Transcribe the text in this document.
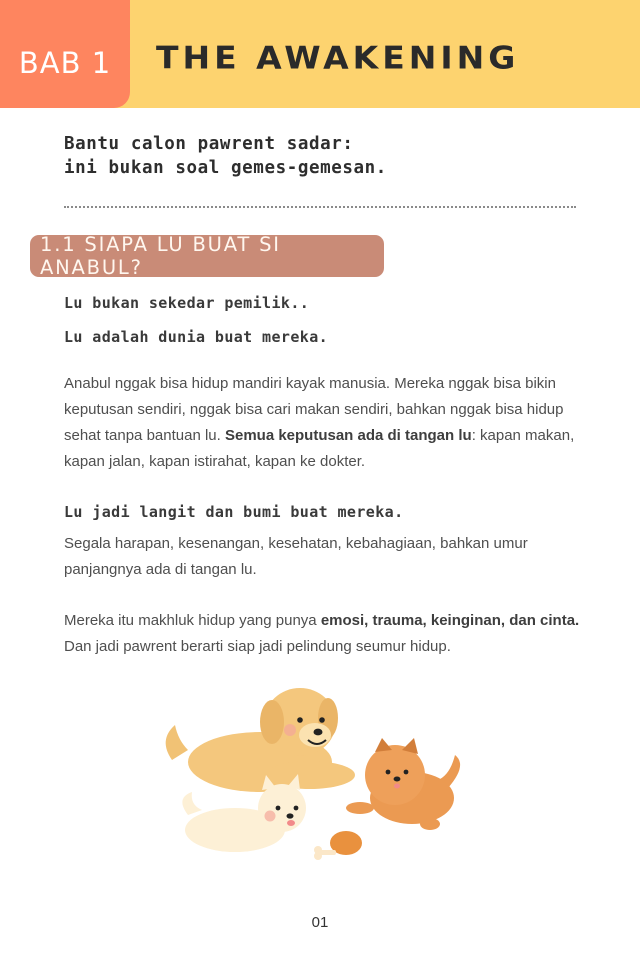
BAB 1 THE AWAKENING
Bantu calon pawrent sadar:
ini bukan soal gemes-gemesan.
1.1 SIAPA LU BUAT SI ANABUL?
Lu bukan sekedar pemilik..
Lu adalah dunia buat mereka.
Anabul nggak bisa hidup mandiri kayak manusia. Mereka nggak bisa bikin keputusan sendiri, nggak bisa cari makan sendiri, bahkan nggak bisa hidup sehat tanpa bantuan lu. Semua keputusan ada di tangan lu: kapan makan, kapan jalan, kapan istirahat, kapan ke dokter.
Lu jadi langit dan bumi buat mereka.
Segala harapan, kesenangan, kesehatan, kebahagiaan, bahkan umur panjangnya ada di tangan lu.
Mereka itu makhluk hidup yang punya emosi, trauma, keinginan, dan cinta. Dan jadi pawrent berarti siap jadi pelindung seumur hidup.
01
